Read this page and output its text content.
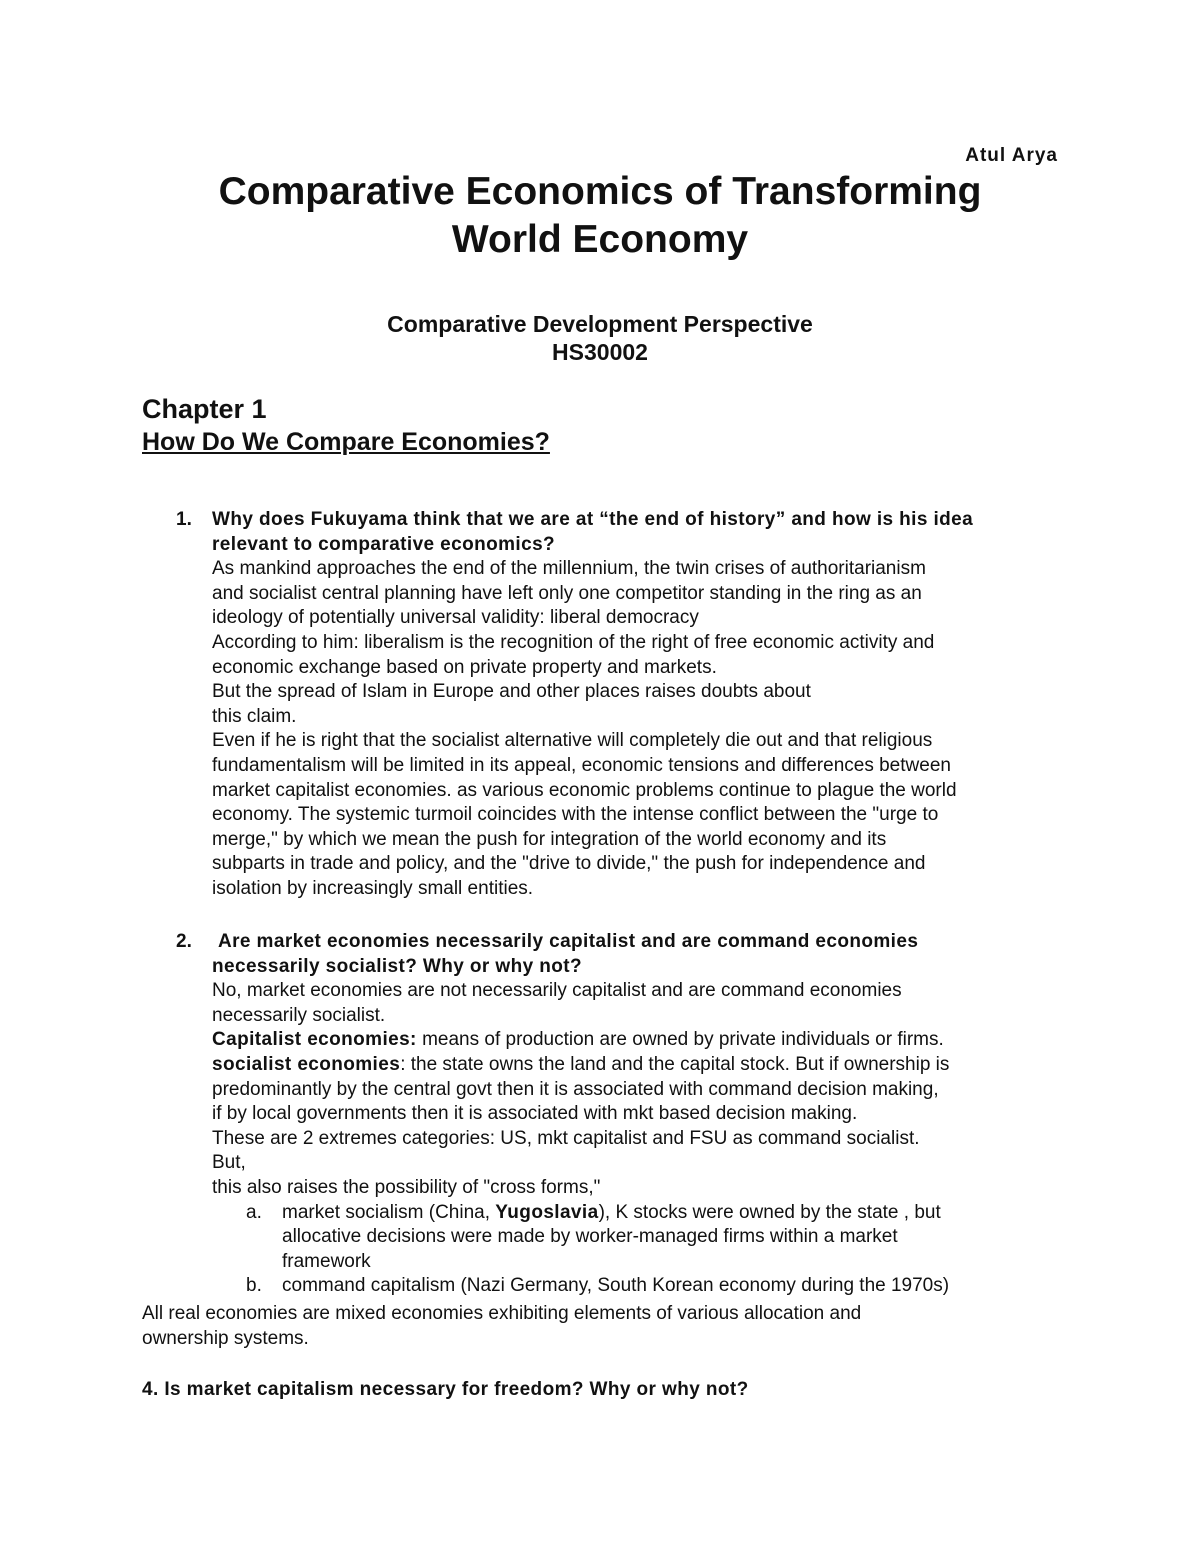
Atul Arya
Comparative Economics of Transforming
World Economy
Comparative Development Perspective
HS30002
Chapter 1
How Do We Compare Economies?
1. Why does Fukuyama think that we are at “the end of history” and how is his idea
relevant to comparative economics?
As mankind approaches the end of the millennium, the twin crises of authoritarianism
and socialist central planning have left only one competitor standing in the ring as an
ideology of potentially universal validity: liberal democracy
According to him: liberalism is the recognition of the right of free economic activity and
economic exchange based on private property and markets.
But the spread of Islam in Europe and other places raises doubts about
this claim.
Even if he is right that the socialist alternative will completely die out and that religious
fundamentalism will be limited in its appeal, economic tensions and differences between
market capitalist economies. as various economic problems continue to plague the world
economy. The systemic turmoil coincides with the intense conflict between the "urge to
merge," by which we mean the push for integration of the world economy and its
subparts in trade and policy, and the "drive to divide," the push for independence and
isolation by increasingly small entities.
2.	Are market economies necessarily capitalist and are command economies
necessarily socialist? Why or why not?
No, market economies are not necessarily capitalist and are command economies
necessarily socialist.
Capitalist economies: means of production are owned by private individuals or firms.
socialist economies: the state owns the land and the capital stock. But if ownership is
predominantly by the central govt then it is associated with command decision making,
if by local governments then it is associated with mkt based decision making.
These are 2 extremes categories: US, mkt capitalist and FSU as command socialist.
But,
this also raises the possibility of "cross forms,"
a. market socialism (China, Yugoslavia), K stocks were owned by the state , but
allocative decisions were made by worker-managed firms within a market
framework
b. command capitalism (Nazi Germany, South Korean economy during the 1970s)
All real economies are mixed economies exhibiting elements of various allocation and
ownership systems.
4. Is market capitalism necessary for freedom? Why or why not?
